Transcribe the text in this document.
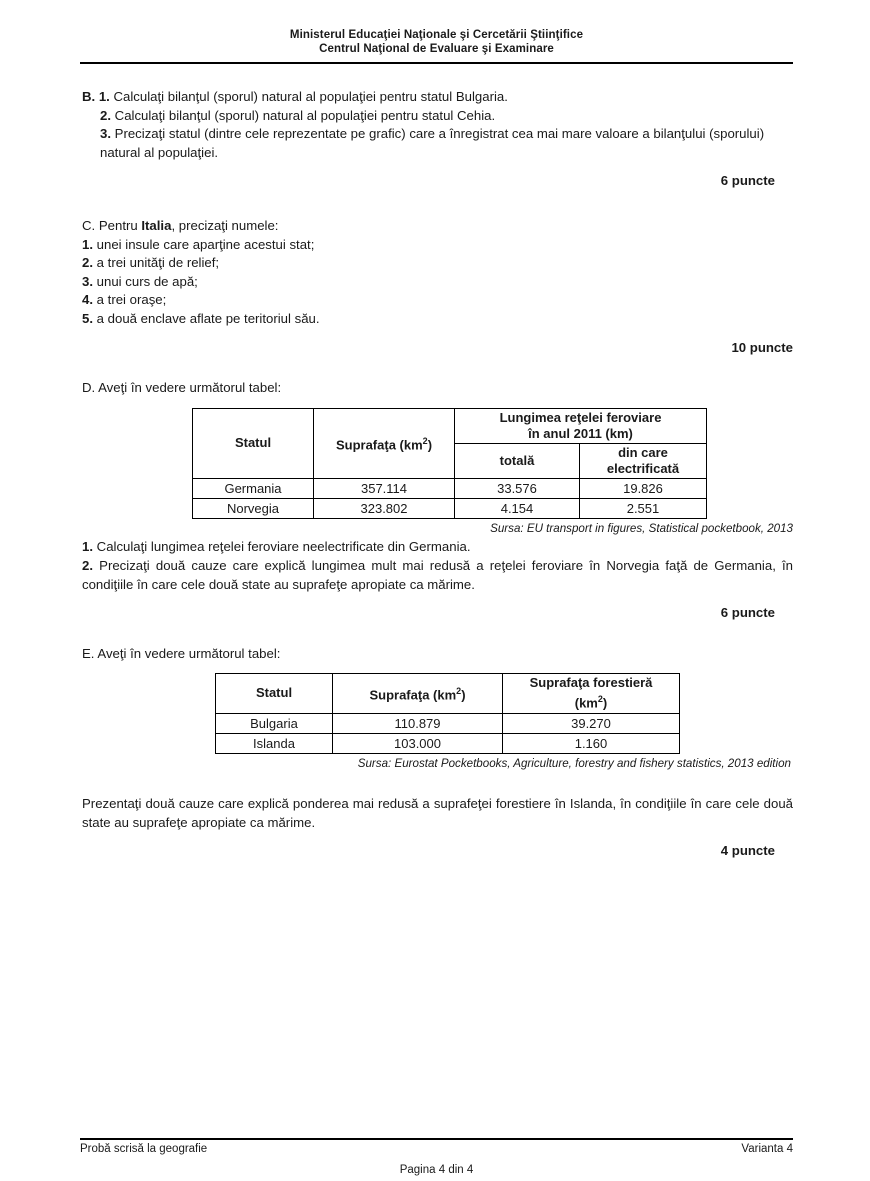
Ministerul Educaţiei Naţionale şi Cercetării Ştiinţifice
Centrul Naţional de Evaluare şi Examinare

B. 1. Calculaţi bilanţul (sporul) natural al populaţiei pentru statul Bulgaria.

2. Calculaţi bilanţul (sporul) natural al populaţiei pentru statul Cehia.

3. Precizaţi statul (dintre cele reprezentate pe grafic) care a înregistrat cea mai mare valoare a bilanţului (sporului) natural al populaţiei.

6 puncte

C. Pentru Italia, precizaţi numele:

1. unei insule care aparţine acestui stat;

2. a trei unităţi de relief;

3. unui curs de apă;

4. a trei oraşe;

5. a două enclave aflate pe teritoriul său.

10 puncte

D. Aveţi în vedere următorul tabel:

Statul	Suprafaţa $(km^2)$	Lungimea reţelei feroviare
în anul 2011 (km)	

		totală	din care
electrificată

Germania	357.114	33.576	19.826
Norvegia	323.802	4.154	2.551
Sursa: EU transport in figures, Statistical pocketbook, 2013

1. Calculaţi lungimea reţelei feroviare neelectrificate din Germania.

2. Precizaţi două cauze care explică lungimea mult mai redusă a reţelei feroviare în Norvegia faţă de Germania, în condiţiile în care cele două state au suprafeţe apropiate ca mărime.

6 puncte

E. Aveţi în vedere următorul tabel:

Statul	Suprafaţa $(km^2)$	Suprafaţa forestieră
$(km^2)$

Bulgaria	110.879	39.270
Islanda	103.000	1.160
Sursa: Eurostat Pocketbooks, Agriculture, forestry and fishery statistics, 2013 edition

Prezentaţi două cauze care explică ponderea mai redusă a suprafeţei forestiere în Islanda, în condiţiile în care cele două state au suprafeţe apropiate ca mărime.

4 puncte
Probă scrisă la geografie	Varianta 4
Pagina 4 din 4
